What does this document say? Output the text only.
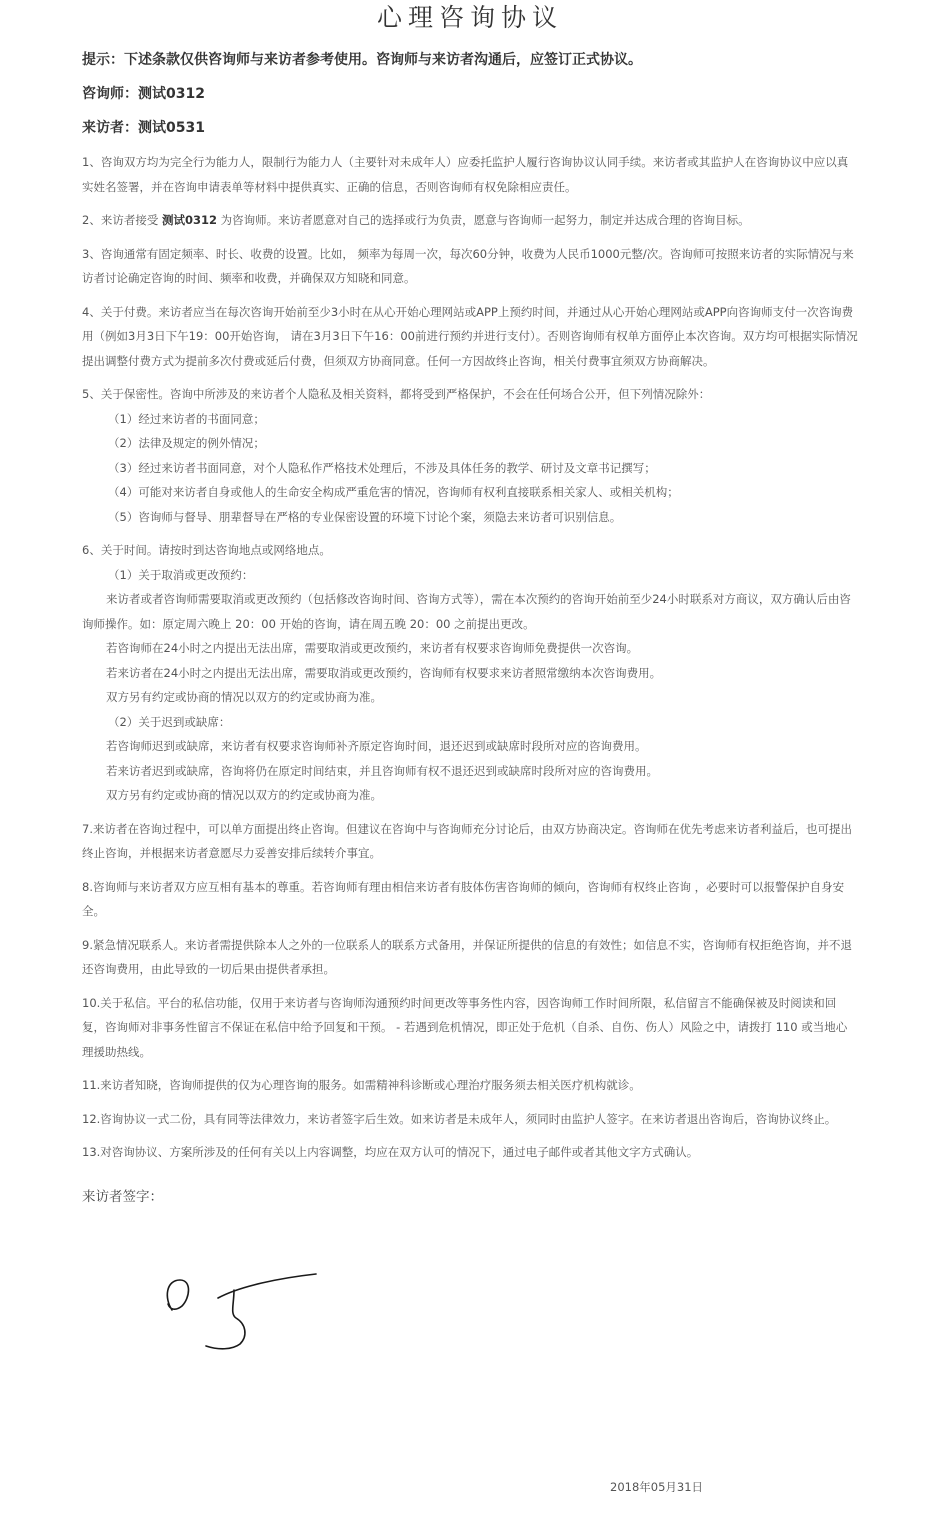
心理咨询协议
提示：下述条款仅供咨询师与来访者参考使用。咨询师与来访者沟通后，应签订正式协议。
咨询师：测试0312
来访者：测试0531
1、咨询双方均为完全行为能力人，限制行为能力人（主要针对未成年人）应委托监护人履行咨询协议认同手续。来访者或其监护人在咨询协议中应以真实姓名签署，并在咨询申请表单等材料中提供真实、正确的信息，否则咨询师有权免除相应责任。
2、来访者接受 测试0312 为咨询师。来访者愿意对自己的选择或行为负责，愿意与咨询师一起努力，制定并达成合理的咨询目标。
3、咨询通常有固定频率、时长、收费的设置。比如， 频率为每周一次，每次60分钟，收费为人民币1000元整/次。咨询师可按照来访者的实际情况与来访者讨论确定咨询的时间、频率和收费，并确保双方知晓和同意。
4、关于付费。来访者应当在每次咨询开始前至少3小时在从心开始心理网站或APP上预约时间，并通过从心开始心理网站或APP向咨询师支付一次咨询费用（例如3月3日下午19：00开始咨询， 请在3月3日下午16：00前进行预约并进行支付）。否则咨询师有权单方面停止本次咨询。双方均可根据实际情况提出调整付费方式为提前多次付费或延后付费，但须双方协商同意。任何一方因故终止咨询，相关付费事宜须双方协商解决。
5、关于保密性。咨询中所涉及的来访者个人隐私及相关资料，都将受到严格保护，不会在任何场合公开，但下列情况除外：
（1）经过来访者的书面同意；
（2）法律及规定的例外情况；
（3）经过来访者书面同意，对个人隐私作严格技术处理后，不涉及具体任务的教学、研讨及文章书记撰写；
（4）可能对来访者自身或他人的生命安全构成严重危害的情况，咨询师有权利直接联系相关家人、或相关机构；
（5）咨询师与督导、朋辈督导在严格的专业保密设置的环境下讨论个案，须隐去来访者可识别信息。
6、关于时间。请按时到达咨询地点或网络地点。
（1）关于取消或更改预约：
来访者或者咨询师需要取消或更改预约（包括修改咨询时间、咨询方式等），需在本次预约的咨询开始前至少24小时联系对方商议，双方确认后由咨询师操作。如：原定周六晚上 20：00 开始的咨询，请在周五晚 20：00 之前提出更改。
若咨询师在24小时之内提出无法出席，需要取消或更改预约，来访者有权要求咨询师免费提供一次咨询。
若来访者在24小时之内提出无法出席，需要取消或更改预约，咨询师有权要求来访者照常缴纳本次咨询费用。
双方另有约定或协商的情况以双方的约定或协商为准。
（2）关于迟到或缺席：
若咨询师迟到或缺席，来访者有权要求咨询师补齐原定咨询时间，退还迟到或缺席时段所对应的咨询费用。
若来访者迟到或缺席，咨询将仍在原定时间结束，并且咨询师有权不退还迟到或缺席时段所对应的咨询费用。
双方另有约定或协商的情况以双方的约定或协商为准。
7.来访者在咨询过程中，可以单方面提出终止咨询。但建议在咨询中与咨询师充分讨论后，由双方协商决定。咨询师在优先考虑来访者利益后，也可提出终止咨询，并根据来访者意愿尽力妥善安排后续转介事宜。
8.咨询师与来访者双方应互相有基本的尊重。若咨询师有理由相信来访者有肢体伤害咨询师的倾向，咨询师有权终止咨询 ，必要时可以报警保护自身安全。
9.紧急情况联系人。来访者需提供除本人之外的一位联系人的联系方式备用，并保证所提供的信息的有效性；如信息不实，咨询师有权拒绝咨询，并不退还咨询费用，由此导致的一切后果由提供者承担。
10.关于私信。平台的私信功能，仅用于来访者与咨询师沟通预约时间更改等事务性内容，因咨询师工作时间所限，私信留言不能确保被及时阅读和回复，咨询师对非事务性留言不保证在私信中给予回复和干预。 - 若遇到危机情况，即正处于危机（自杀、自伤、伤人）风险之中，请拨打 110 或当地心理援助热线。
11.来访者知晓，咨询师提供的仅为心理咨询的服务。如需精神科诊断或心理治疗服务须去相关医疗机构就诊。
12.咨询协议一式二份，具有同等法律效力，来访者签字后生效。如来访者是未成年人，须同时由监护人签字。在来访者退出咨询后，咨询协议终止。
13.对咨询协议、方案所涉及的任何有关以上内容调整，均应在双方认可的情况下，通过电子邮件或者其他文字方式确认。
来访者签字：
2018年05月31日
